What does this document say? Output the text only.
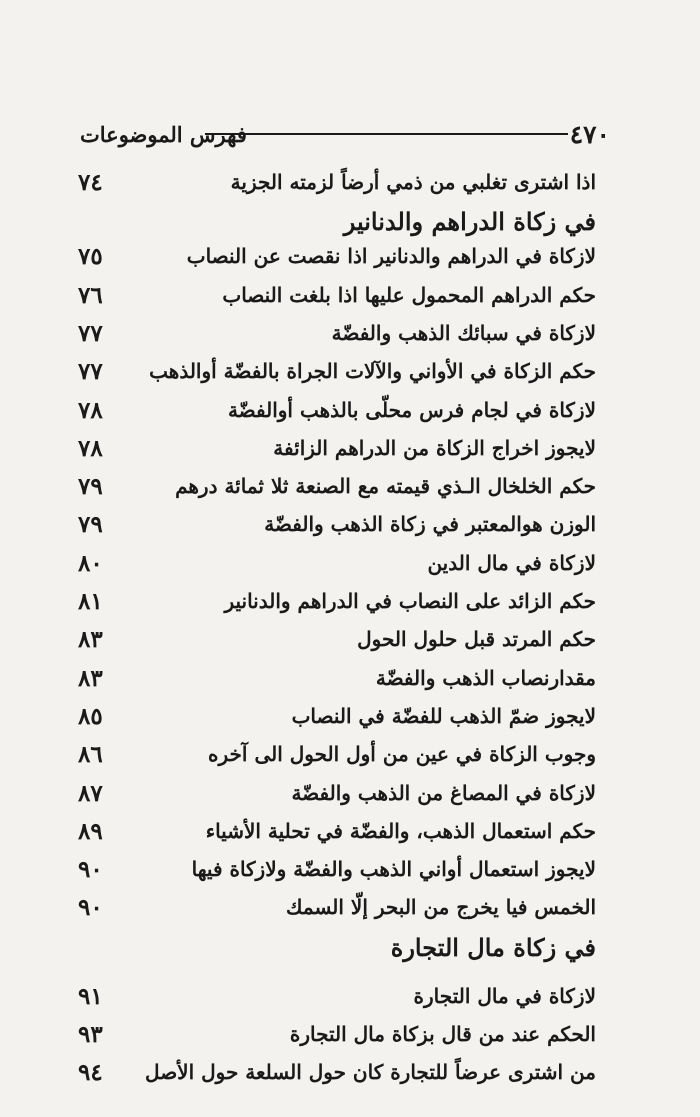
٤٧٠
فهرس الموضوعات
٧٤	اذا اشترى تغلبي من ذمي أرضاً لزمته الجزية
في زكاة الدراهم والدنانير
٧٥	لازكاة في الدراهم والدنانير اذا نقصت عن النصاب
٧٦	حكم الدراهم المحمول عليها اذا بلغت النصاب
٧٧	لازكاة في سبائك الذهب والفضّة
٧٧ حكم الزكاة في الأواني والآلات الجراة بالفضّة أوالذهب
٧٨	لازكاة في لجام فرس محلّى بالذهب أوالفضّة
٧٨	لايجوز اخراج الزكاة من الدراهم الزائفة
٧٩	حكم الخلخال الـذي قيمته مع الصنعة ثلا ثمائة درهم
٧٩	الوزن هوالمعتبر في زكاة الذهب والفضّة
٨٠	لازكاة في مال الدين
٨١	حكم الزائد على النصاب في الدراهم والدنانير
٨٣	حكم المرتد قبل حلول الحول
٨٣	مقدارنصاب الذهب والفضّة
٨٥	لايجوز ضمّ الذهب للفضّة في النصاب
٨٦	وجوب الزكاة في عين من أول الحول الى آخره
٨٧	لازكاة في المصاغ من الذهب والفضّة
٨٩	حكم استعمال الذهب، والفضّة في تحلية الأشياء
٩٠	لايجوز استعمال أواني الذهب والفضّة ولازكاة فيها
٩٠	الخمس فيا يخرج من البحر إلّا السمك
في زكاة مال التجارة
٩١	لازكاة في مال التجارة
٩٣	الحكم عند من قال بزكاة مال التجارة
٩٤ من اشترى عرضاً للتجارة كان حول السلعة حول الأصل
